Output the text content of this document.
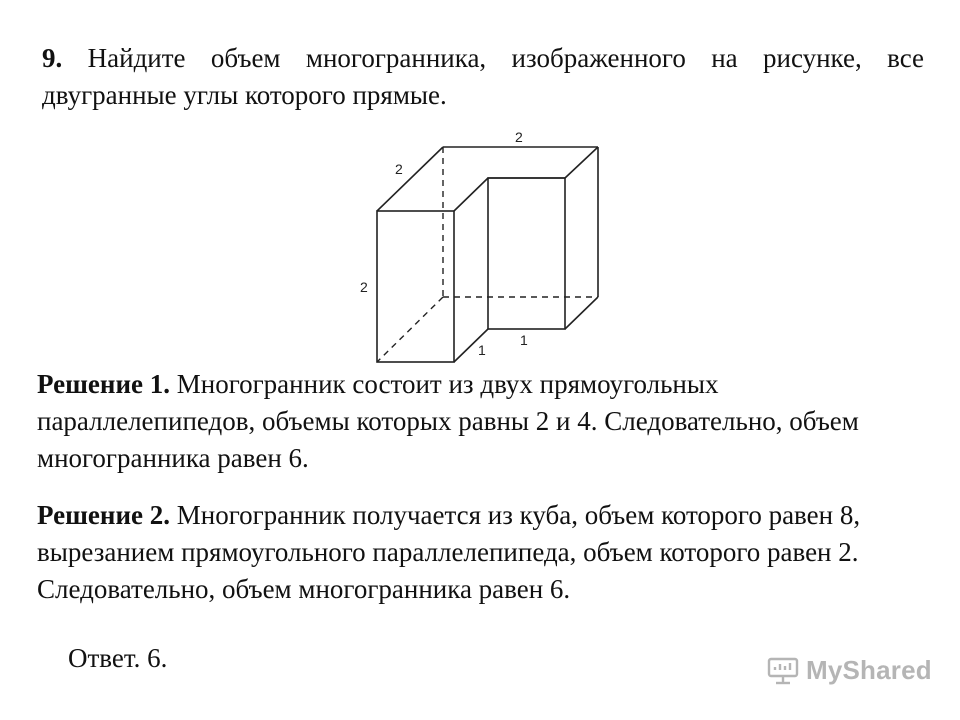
9. Найдите объем многогранника, изображенного на рисунке, все двугранные углы которого прямые.

2
2
2
1
1

Решение 1. Многогранник состоит из двух прямоугольных параллелепипедов, объемы которых равны 2 и 4. Следовательно, объем многогранника равен 6.

Решение 2. Многогранник получается из куба, объем которого равен 8, вырезанием прямоугольного параллелепипеда, объем которого равен 2. Следовательно, объем многогранника равен 6.

Ответ. 6.	MyShared
